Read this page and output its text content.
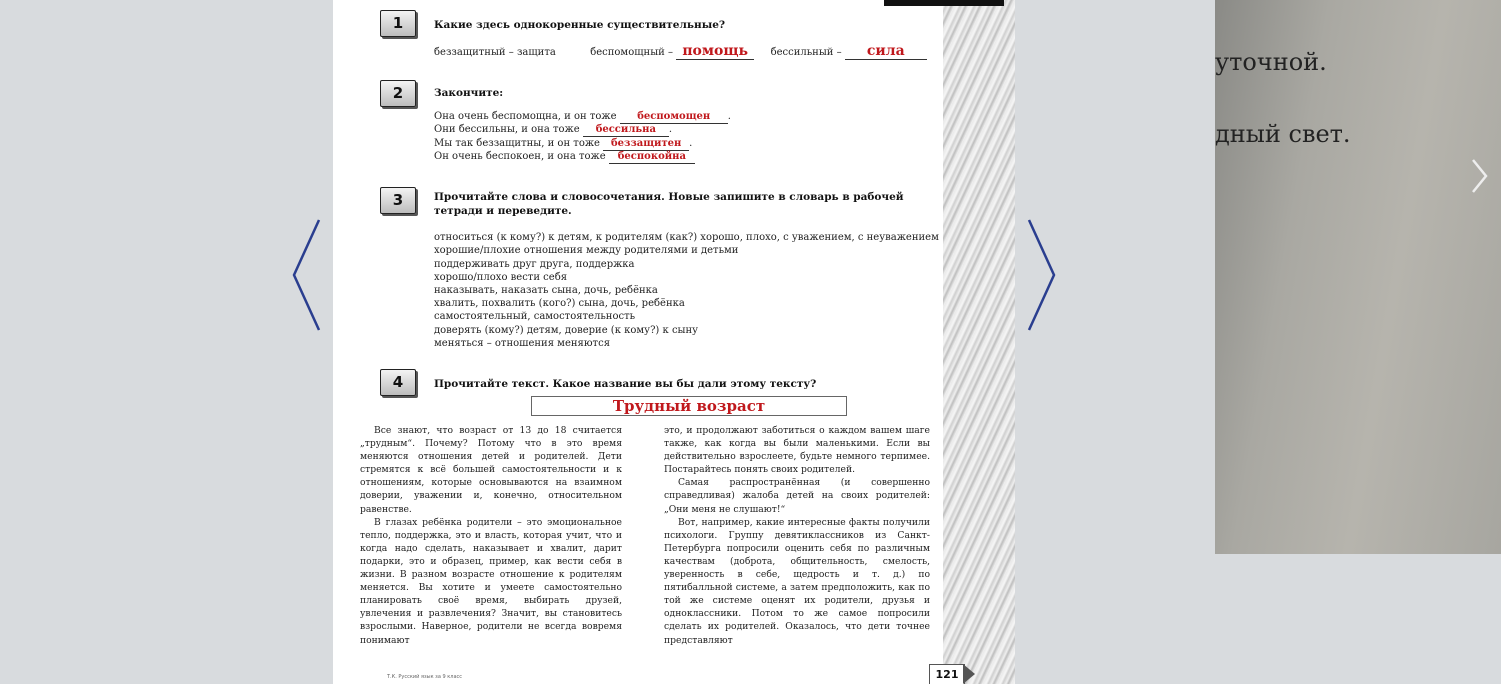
1	Какие здесь однокоренные существительные?
беззащитный – защита	беспомощный – помощь бессильный – сила
2	Закончите:
Она очень беспомощна, и он тоже беспомощен .
Они бессильны, и она тоже бессильна .
Мы так беззащитны, и он тоже беззащитен .
Он очень беспокоен, и она тоже беспокойна
3	Прочитайте слова и словосочетания. Новые запишите в словарь в рабочей тетради и переведите.
относиться (к кому?) к детям, к родителям (как?) хорошо, плохо, с уважением, с неуважением
хорошие/плохие отношения между родителями и детьми
поддерживать друг друга, поддержка
хорошо/плохо вести себя
наказывать, наказать сына, дочь, ребёнка
хвалить, похвалить (кого?) сына, дочь, ребёнка
самостоятельный, самостоятельность
доверять (кому?) детям, доверие (к кому?) к сыну
меняться – отношения меняются
4	Прочитайте текст. Какое название вы бы дали этому тексту?
Трудный возраст

Все знают, что возраст от 13 до 18 считается „трудным“. Почему? Потому что в это время меняются отношения детей и родителей. Дети стремятся к всё большей самостоятельности и к отношениям, которые основываются на взаимном доверии, уважении и, конечно, относительном равенстве.

В глазах ребёнка родители – это эмоциональное тепло, поддержка, это и власть, которая учит, что и когда надо сделать, наказывает и хвалит, дарит подарки, это и образец, пример, как вести себя в жизни. В разном возрасте отношение к родителям меняется. Вы хотите и умеете самостоятельно планировать своё время, выбирать друзей, увлечения и развлечения? Значит, вы становитесь взрослыми. Наверное, родители не всегда вовремя понимают

это, и продолжают заботиться о каждом вашем шаге также, как когда вы были маленькими. Если вы действительно взрослеете, будьте немного терпимее. Постарайтесь понять своих родителей.

Самая распространённая (и совершенно справедливая) жалоба детей на своих родителей: „Они меня не слушают!“

Вот, например, какие интересные факты получили психологи. Группу девятиклассников из Санкт-Петербурга попросили оценить себя по различным качествам (доброта, общительность, смелость, уверенность в себе, щедрость и т. д.) по пятибалльной системе, а затем предположить, как по той же системе оценят их родители, друзья и одноклассники. Потом то же самое попросили сделать их родителей. Оказалось, что дети точнее представляют

Т.К. Русский язык за 9 класс	121
уточной.
дный свет.
